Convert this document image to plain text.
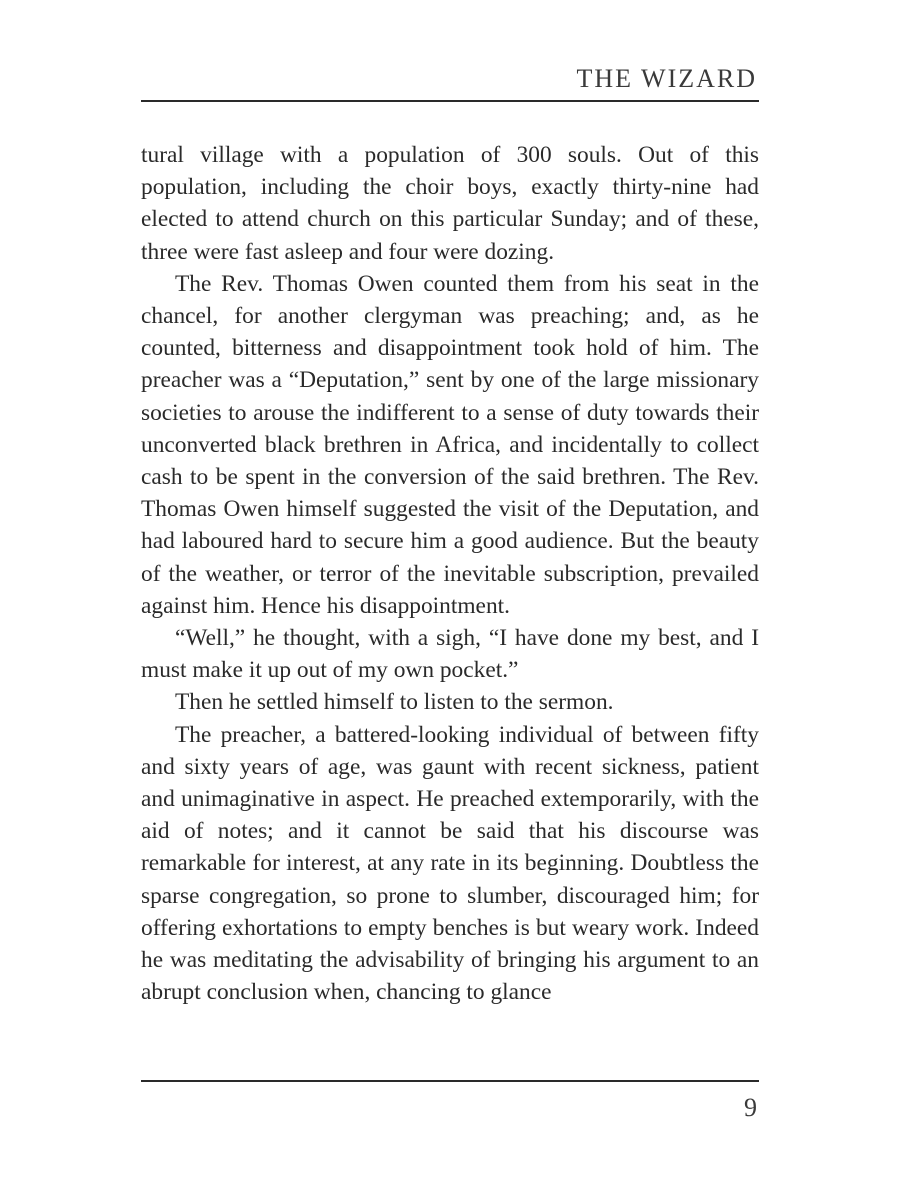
THE WIZARD

tural village with a population of 300 souls. Out of this population, including the choir boys, exactly thirty-nine had elected to attend church on this particular Sunday; and of these, three were fast asleep and four were dozing.

The Rev. Thomas Owen counted them from his seat in the chancel, for another clergyman was preaching; and, as he counted, bitterness and disappointment took hold of him. The preacher was a “Deputation,” sent by one of the large missionary societies to arouse the indifferent to a sense of duty towards their unconverted black brethren in Africa, and incidentally to collect cash to be spent in the conversion of the said brethren. The Rev. Thomas Owen himself suggested the visit of the Deputation, and had laboured hard to secure him a good audience. But the beauty of the weather, or terror of the inevitable subscription, prevailed against him. Hence his disappointment.

“Well,” he thought, with a sigh, “I have done my best, and I must make it up out of my own pocket.”

Then he settled himself to listen to the sermon.

The preacher, a battered-looking individual of between fifty and sixty years of age, was gaunt with recent sickness, patient and unimaginative in aspect. He preached extemporarily, with the aid of notes; and it cannot be said that his discourse was remarkable for interest, at any rate in its beginning. Doubtless the sparse congregation, so prone to slumber, discouraged him; for offering exhortations to empty benches is but weary work. Indeed he was meditating the advisability of bringing his argument to an abrupt conclusion when, chancing to glance

9
